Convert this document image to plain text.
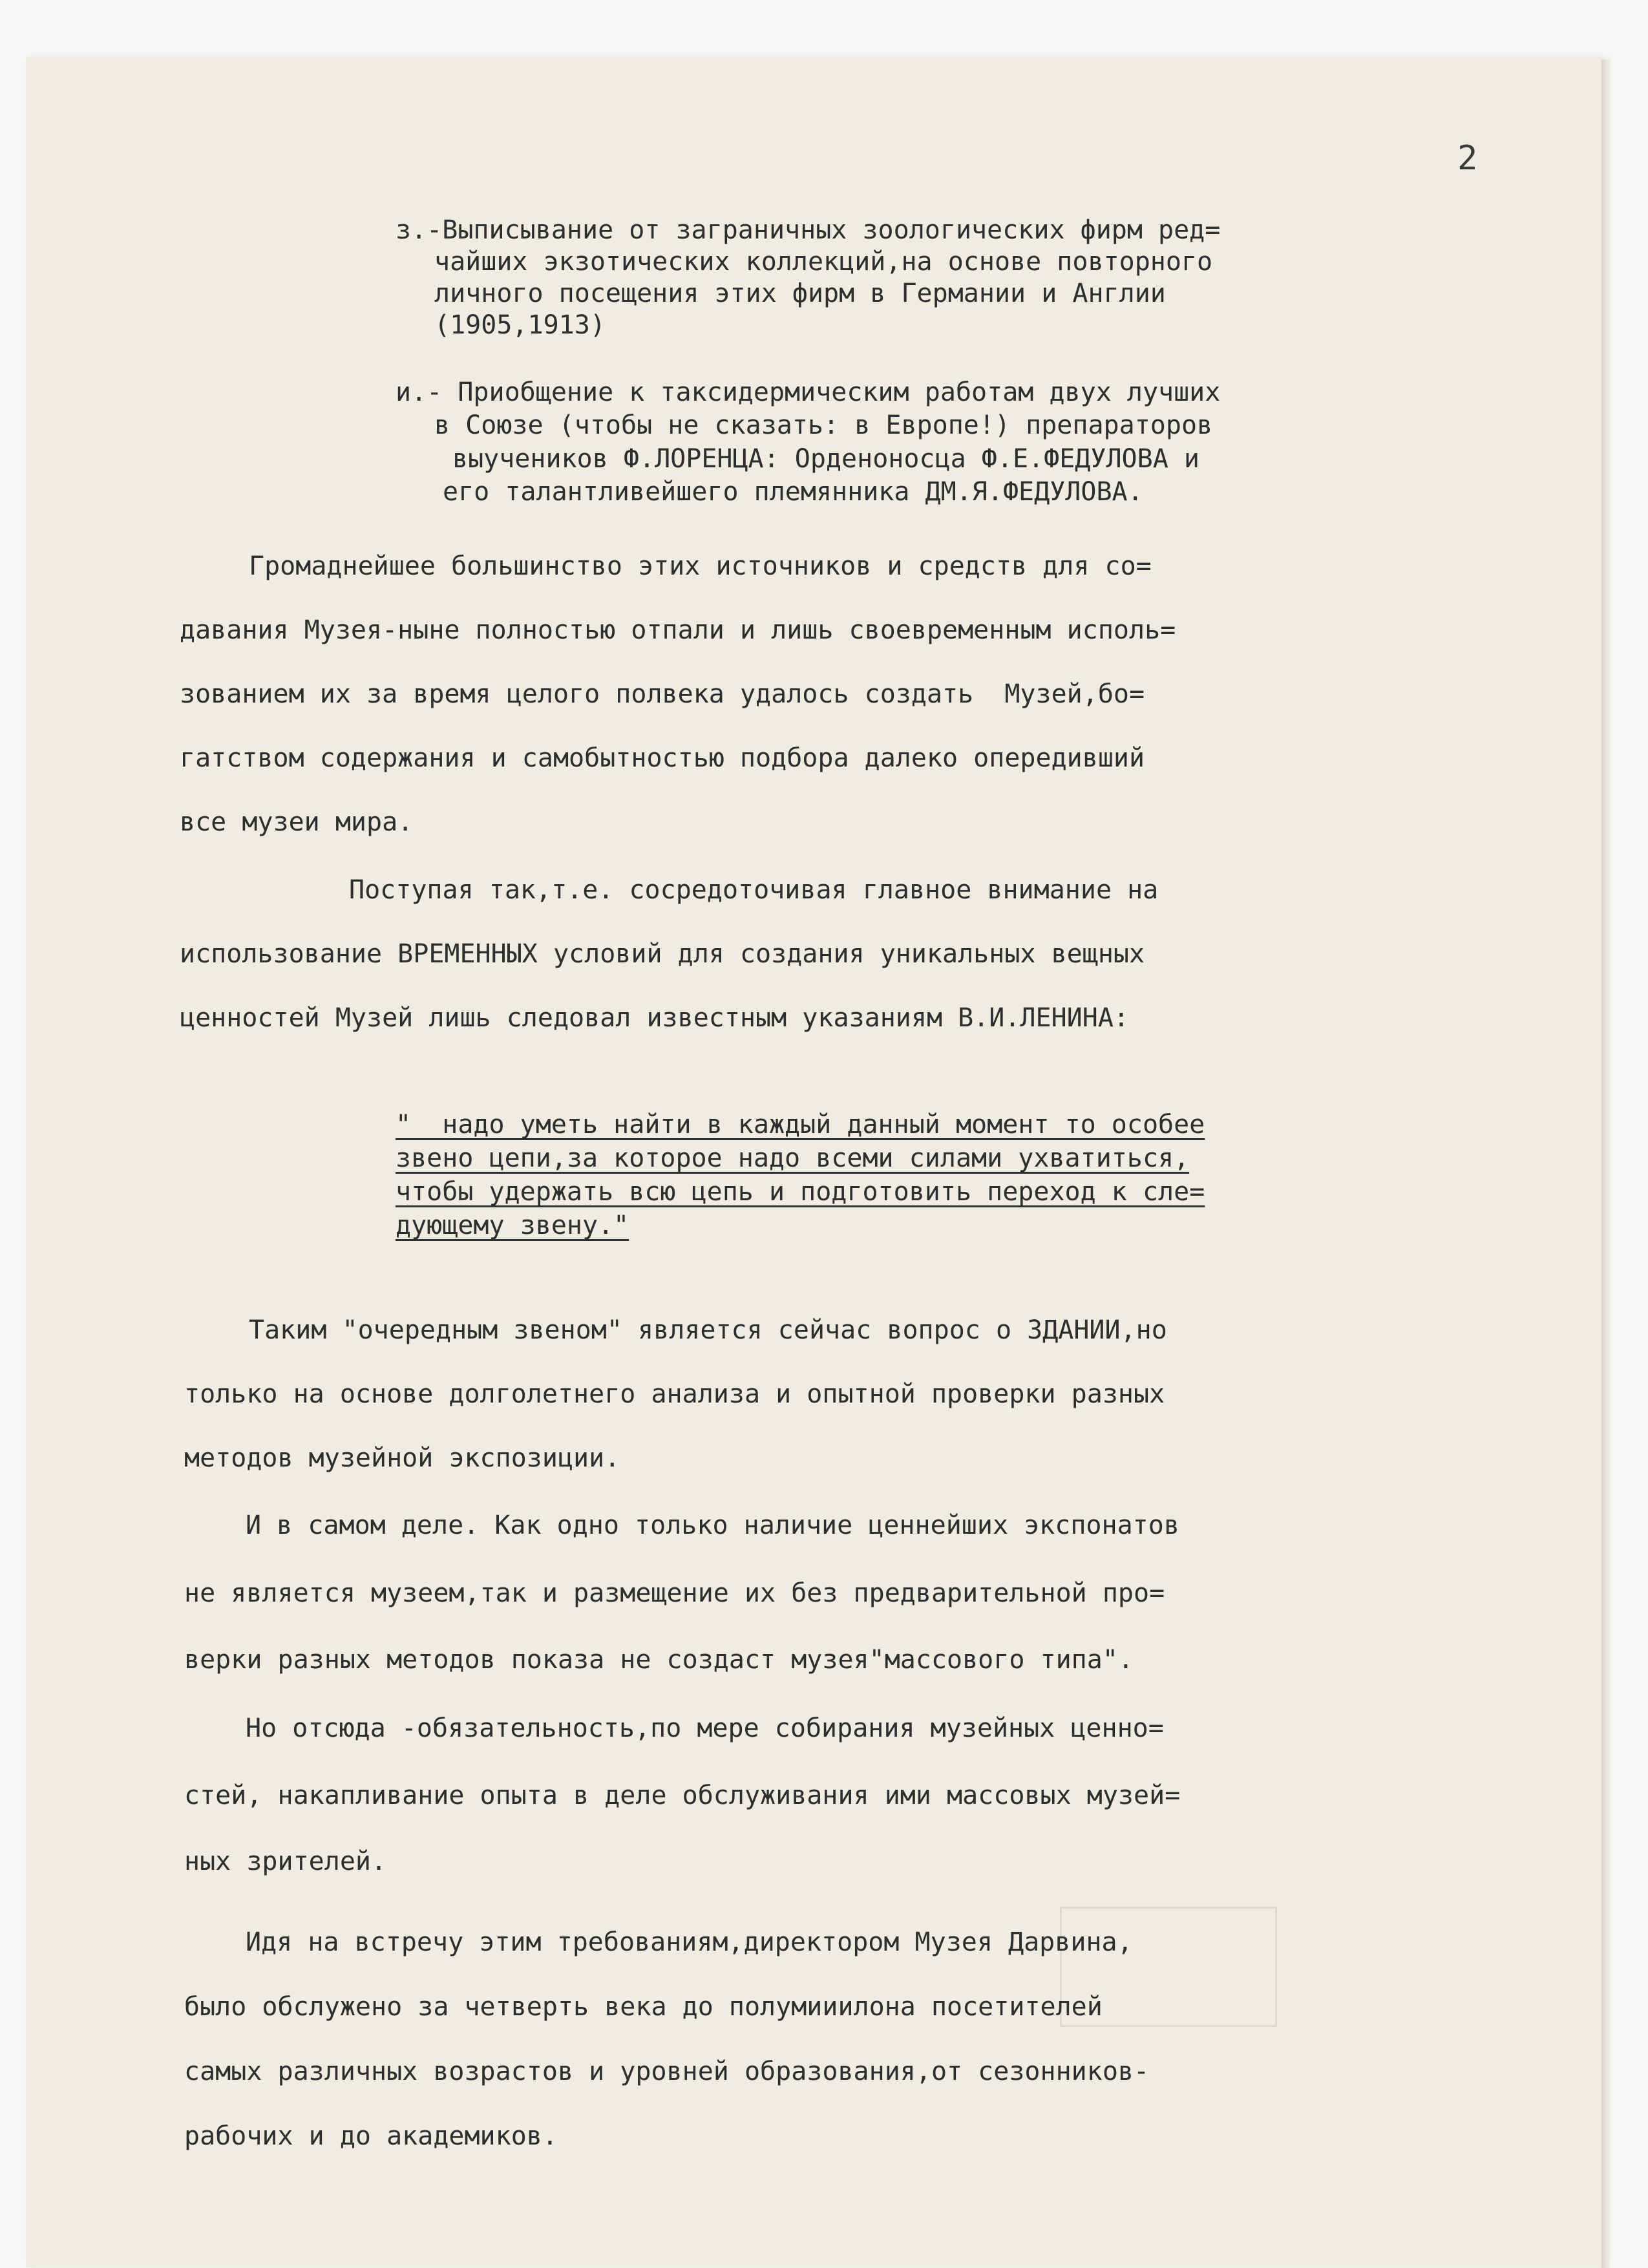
2
з.-Выписывание от заграничных зоологических фирм ред=
чайших экзотических коллекций,на основе повторного
личного посещения этих фирм в Германии и Англии
(1905,1913)
и.- Приобщение к таксидермическим работам двух лучших
в Союзе (чтобы не сказать: в Европе!) препараторов
выучеников Ф.ЛОРЕНЦА: Орденоносца Ф.Е.ФЕДУЛОВА и
его талантливейшего племянника ДМ.Я.ФЕДУЛОВА.
Громаднейшее большинство этих источников и средств для со=
давания Музея-ныне полностью отпали и лишь своевременным исполь=
зованием их за время целого полвека удалось создать  Музей,бо=
гатством содержания и самобытностью подбора далеко опередивший
все музеи мира.
Поступая так,т.е. сосредоточивая главное внимание на
использование ВРЕМЕННЫХ условий для создания уникальных вещных
ценностей Музей лишь следовал известным указаниям В.И.ЛЕНИНА:
"  надо уметь найти в каждый данный момент то особее
звено цепи,за которое надо всеми силами ухватиться,
чтобы удержать всю цепь и подготовить переход к сле=
дующему звену."
Таким "очередным звеном" является сейчас вопрос о ЗДАНИИ,но
только на основе долголетнего анализа и опытной проверки разных
методов музейной экспозиции.
И в самом деле. Как одно только наличие ценнейших экспонатов
не является музеем,так и размещение их без предварительной про=
верки разных методов показа не создаст музея"массового типа".
Но отсюда -обязательность,по мере собирания музейных ценно=
стей, накапливание опыта в деле обслуживания ими массовых музей=
ных зрителей.
Идя на встречу этим требованиям,директором Музея Дарвина,
было обслужено за четверть века до полумииилона посетителей
самых различных возрастов и уровней образования,от сезонников-
рабочих и до академиков.
